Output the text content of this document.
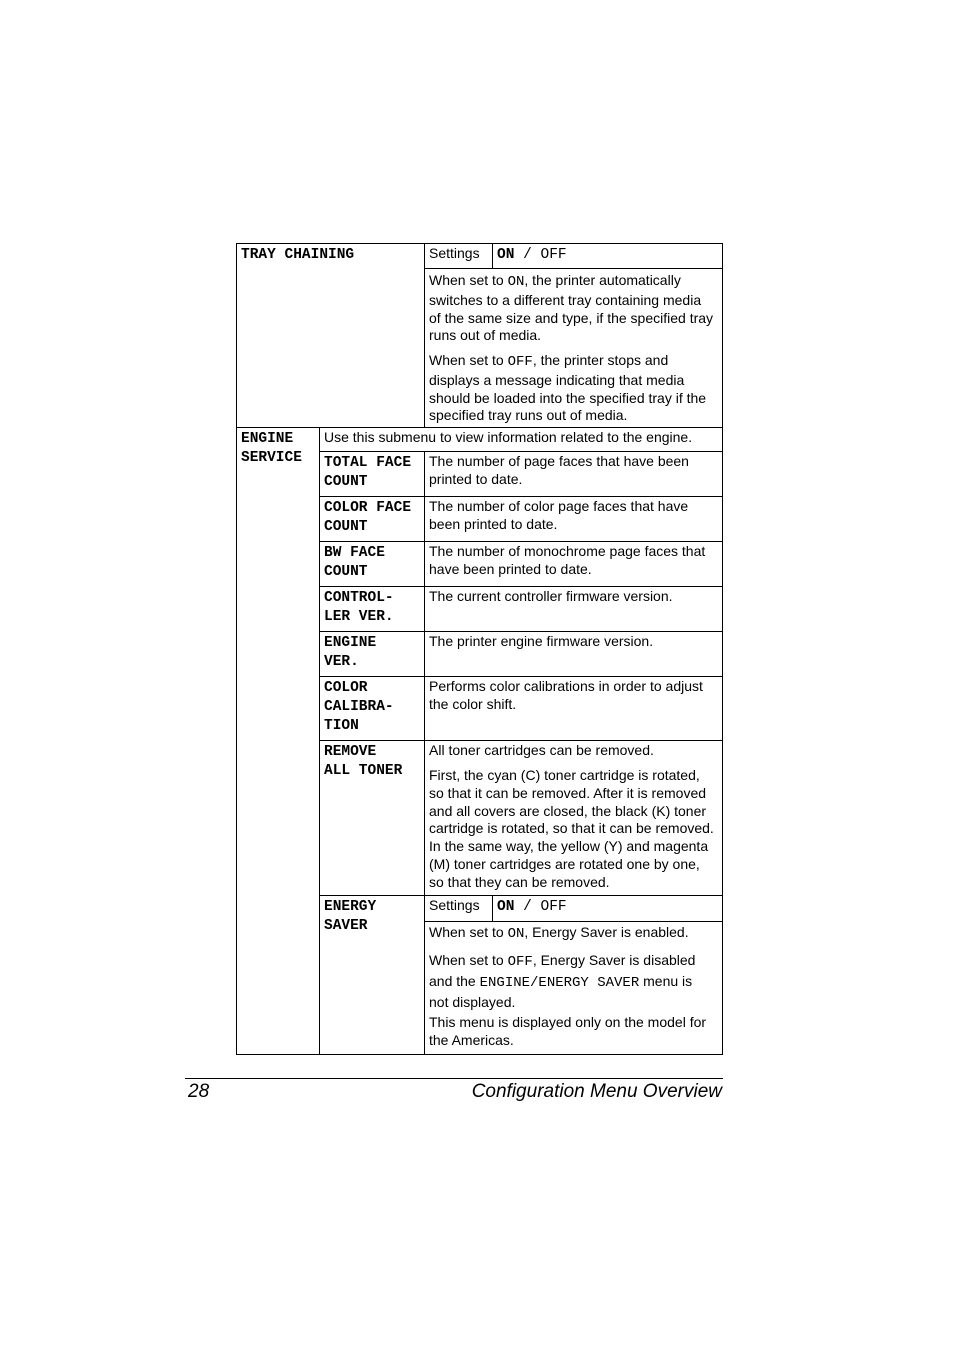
TRAY CHAINING	Settings ON / OFF
When set to ON, the printer automatically
switches to a different tray containing media
of the same size and type, if the specified tray
runs out of media.
When set to OFF, the printer stops and
displays a message indicating that media
should be loaded into the specified tray if the
specified tray runs out of media.
ENGINE
SERVICE
Use this submenu to view information related to the engine.
TOTAL FACE
COUNT
The number of page faces that have been
printed to date.
COLOR FACE
COUNT
The number of color page faces that have
been printed to date.
BW FACE
COUNT
The number of monochrome page faces that
have been printed to date.
CONTROL-
LER VER.
The current controller firmware version.
ENGINE
VER.
The printer engine firmware version.
COLOR
CALIBRA-
TION
Performs color calibrations in order to adjust
the color shift.
REMOVE
ALL TONER
All toner cartridges can be removed.
First, the cyan (C) toner cartridge is rotated,
so that it can be removed. After it is removed
and all covers are closed, the black (K) toner
cartridge is rotated, so that it can be removed.
In the same way, the yellow (Y) and magenta
(M) toner cartridges are rotated one by one,
so that they can be removed.
ENERGY
SAVER
Settings ON / OFF
When set to ON, Energy Saver is enabled.
When set to OFF, Energy Saver is disabled
and the ENGINE/ENERGY SAVER menu is
not displayed.
This menu is displayed only on the model for
the Americas.
28	Configuration Menu Overview
